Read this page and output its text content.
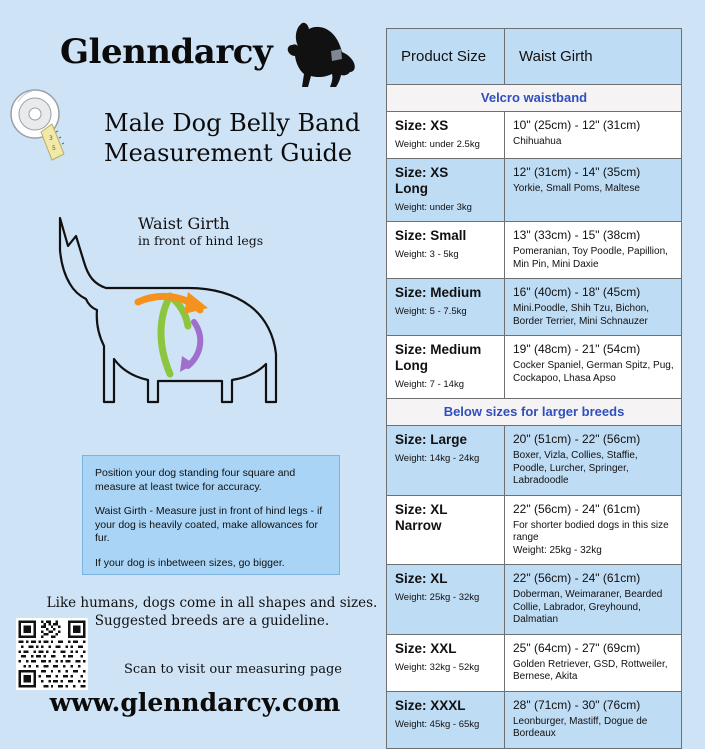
Glenndarcy
Male Dog Belly Band
Measurement Guide
3
5
Waist Girth
in front of hind legs

Position your dog standing four square and measure at least twice for accuracy.

Waist Girth - Measure just in front of hind legs - if your dog is heavily coated, make allowances for fur.

If your dog is inbetween sizes, go bigger.

Like humans, dogs come in all shapes and sizes. Suggested breeds are a guideline.
Scan to visit our measuring page
www.glenndarcy.com
Product Size	Waist Girth
Velcro waistband
Size: XS
Weight: under 2.5kg
10" (25cm) - 12" (31cm)
Chihuahua
Size: XS
Long
Weight: under 3kg
12" (31cm) - 14" (35cm)
Yorkie, Small Poms, Maltese
Size: Small
Weight: 3 - 5kg
13" (33cm) - 15" (38cm)
Pomeranian, Toy Poodle, Papillion, Min Pin, Mini Daxie
Size: Medium
Weight: 5 - 7.5kg
16" (40cm) - 18" (45cm)
Mini.Poodle, Shih Tzu, Bichon, Border Terrier, Mini Schnauzer
Size: Medium
Long
Weight: 7 - 14kg
19" (48cm) - 21" (54cm)
Cocker Spaniel, German Spitz, Pug, Cockapoo, Lhasa Apso
Below sizes for larger breeds
Size: Large
Weight: 14kg - 24kg
20" (51cm) - 22" (56cm)
Boxer, Vizla, Collies, Staffie, Poodle, Lurcher, Springer, Labradoodle
Size: XL
Narrow
22" (56cm) - 24" (61cm)
For shorter bodied dogs in this size range
Weight: 25kg - 32kg
Size: XL
Weight: 25kg - 32kg
22" (56cm) - 24" (61cm)
Doberman, Weimaraner, Bearded Collie, Labrador, Greyhound, Dalmatian
Size: XXL
Weight: 32kg - 52kg
25" (64cm) - 27" (69cm)
Golden Retriever, GSD, Rottweiler, Bernese, Akita
Size: XXXL
Weight: 45kg - 65kg
28" (71cm) - 30" (76cm)
Leonburger, Mastiff, Dogue de Bordeaux
